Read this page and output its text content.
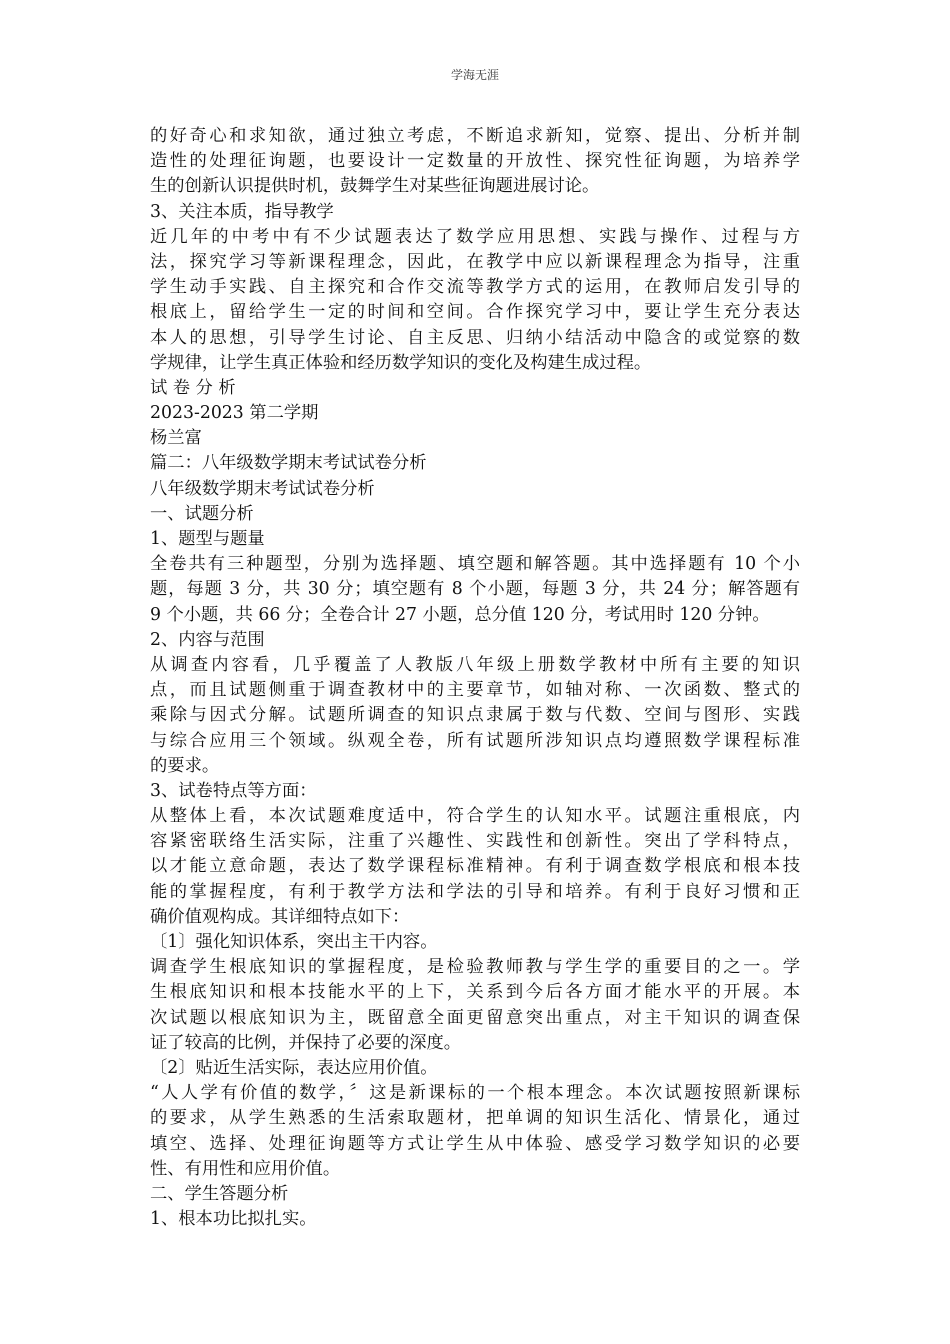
学海无涯
的好奇心和求知欲，通过独立考虑，不断追求新知，觉察、提出、分析并制
造性的处理征询题，也要设计一定数量的开放性、探究性征询题，为培养学
生的创新认识提供时机，鼓舞学生对某些征询题进展讨论。
3、关注本质，指导教学
近几年的中考中有不少试题表达了数学应用思想、实践与操作、过程与方
法，探究学习等新课程理念，因此，在教学中应以新课程理念为指导，注重
学生动手实践、自主探究和合作交流等教学方式的运用，在教师启发引导的
根底上，留给学生一定的时间和空间。合作探究学习中，要让学生充分表达
本人的思想，引导学生讨论、自主反思、归纳小结活动中隐含的或觉察的数
学规律，让学生真正体验和经历数学知识的变化及构建生成过程。
试 卷 分 析
2023-2023 第二学期
杨兰富
篇二：八年级数学期末考试试卷分析
八年级数学期末考试试卷分析
一、试题分析
1、题型与题量
全卷共有三种题型，分别为选择题、填空题和解答题。其中选择题有 10 个小
题，每题 3 分，共 30 分；填空题有 8 个小题，每题 3 分，共 24 分；解答题有
9 个小题，共 66 分；全卷合计 27 小题，总分值 120 分，考试用时 120 分钟。
2、内容与范围
从调查内容看，几乎覆盖了人教版八年级上册数学教材中所有主要的知识
点，而且试题侧重于调查教材中的主要章节，如轴对称、一次函数、整式的
乘除与因式分解。试题所调查的知识点隶属于数与代数、空间与图形、实践
与综合应用三个领域。纵观全卷，所有试题所涉知识点均遵照数学课程标准
的要求。
3、试卷特点等方面：
从整体上看，本次试题难度适中，符合学生的认知水平。试题注重根底，内
容紧密联络生活实际，注重了兴趣性、实践性和创新性。突出了学科特点，
以才能立意命题，表达了数学课程标准精神。有利于调查数学根底和根本技
能的掌握程度，有利于教学方法和学法的引导和培养。有利于良好习惯和正
确价值观构成。其详细特点如下：
〔1〕强化知识体系，突出主干内容。
调查学生根底知识的掌握程度，是检验教师教与学生学的重要目的之一。学
生根底知识和根本技能水平的上下，关系到今后各方面才能水平的开展。本
次试题以根底知识为主，既留意全面更留意突出重点，对主干知识的调查保
证了较高的比例，并保持了必要的深度。
〔2〕贴近生活实际，表达应用价值。
“人人学有价值的数学，〞这是新课标的一个根本理念。本次试题按照新课标
的要求，从学生熟悉的生活索取题材，把单调的知识生活化、情景化，通过
填空、选择、处理征询题等方式让学生从中体验、感受学习数学知识的必要
性、有用性和应用价值。
二、学生答题分析
1、根本功比拟扎实。
